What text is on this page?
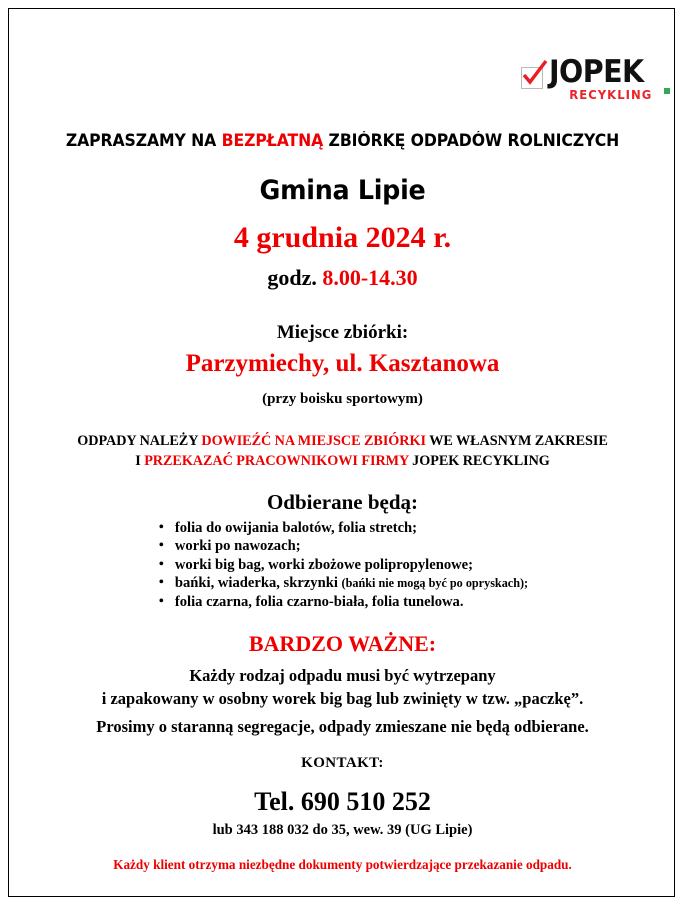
JOPEK
RECYKLING
ZAPRASZAMY NA BEZPŁATNĄ ZBIÓRKĘ ODPADÓW ROLNICZYCH
Gmina Lipie
4 grudnia 2024 r.
godz. 8.00-14.30
Miejsce zbiórki:
Parzymiechy, ul. Kasztanowa
(przy boisku sportowym)
ODPADY NALEŻY DOWIEŹĆ NA MIEJSCE ZBIÓRKI WE WŁASNYM ZAKRESIE
I PRZEKAZAĆ PRACOWNIKOWI FIRMY JOPEK RECYKLING
Odbierane będą:
• folia do owijania balotów, folia stretch;
• worki po nawozach;
• worki big bag, worki zbożowe polipropylenowe;
• bańki, wiaderka, skrzynki (bańki nie mogą być po opryskach);
• folia czarna, folia czarno-biała, folia tunelowa.
BARDZO WAŻNE:
Każdy rodzaj odpadu musi być wytrzepany
i zapakowany w osobny worek big bag lub zwinięty w tzw. „paczkę”.
Prosimy o staranną segregacje, odpady zmieszane nie będą odbierane.
KONTAKT:
Tel. 690 510 252
lub 343 188 032 do 35, wew. 39 (UG Lipie)
Każdy klient otrzyma niezbędne dokumenty potwierdzające przekazanie odpadu.
